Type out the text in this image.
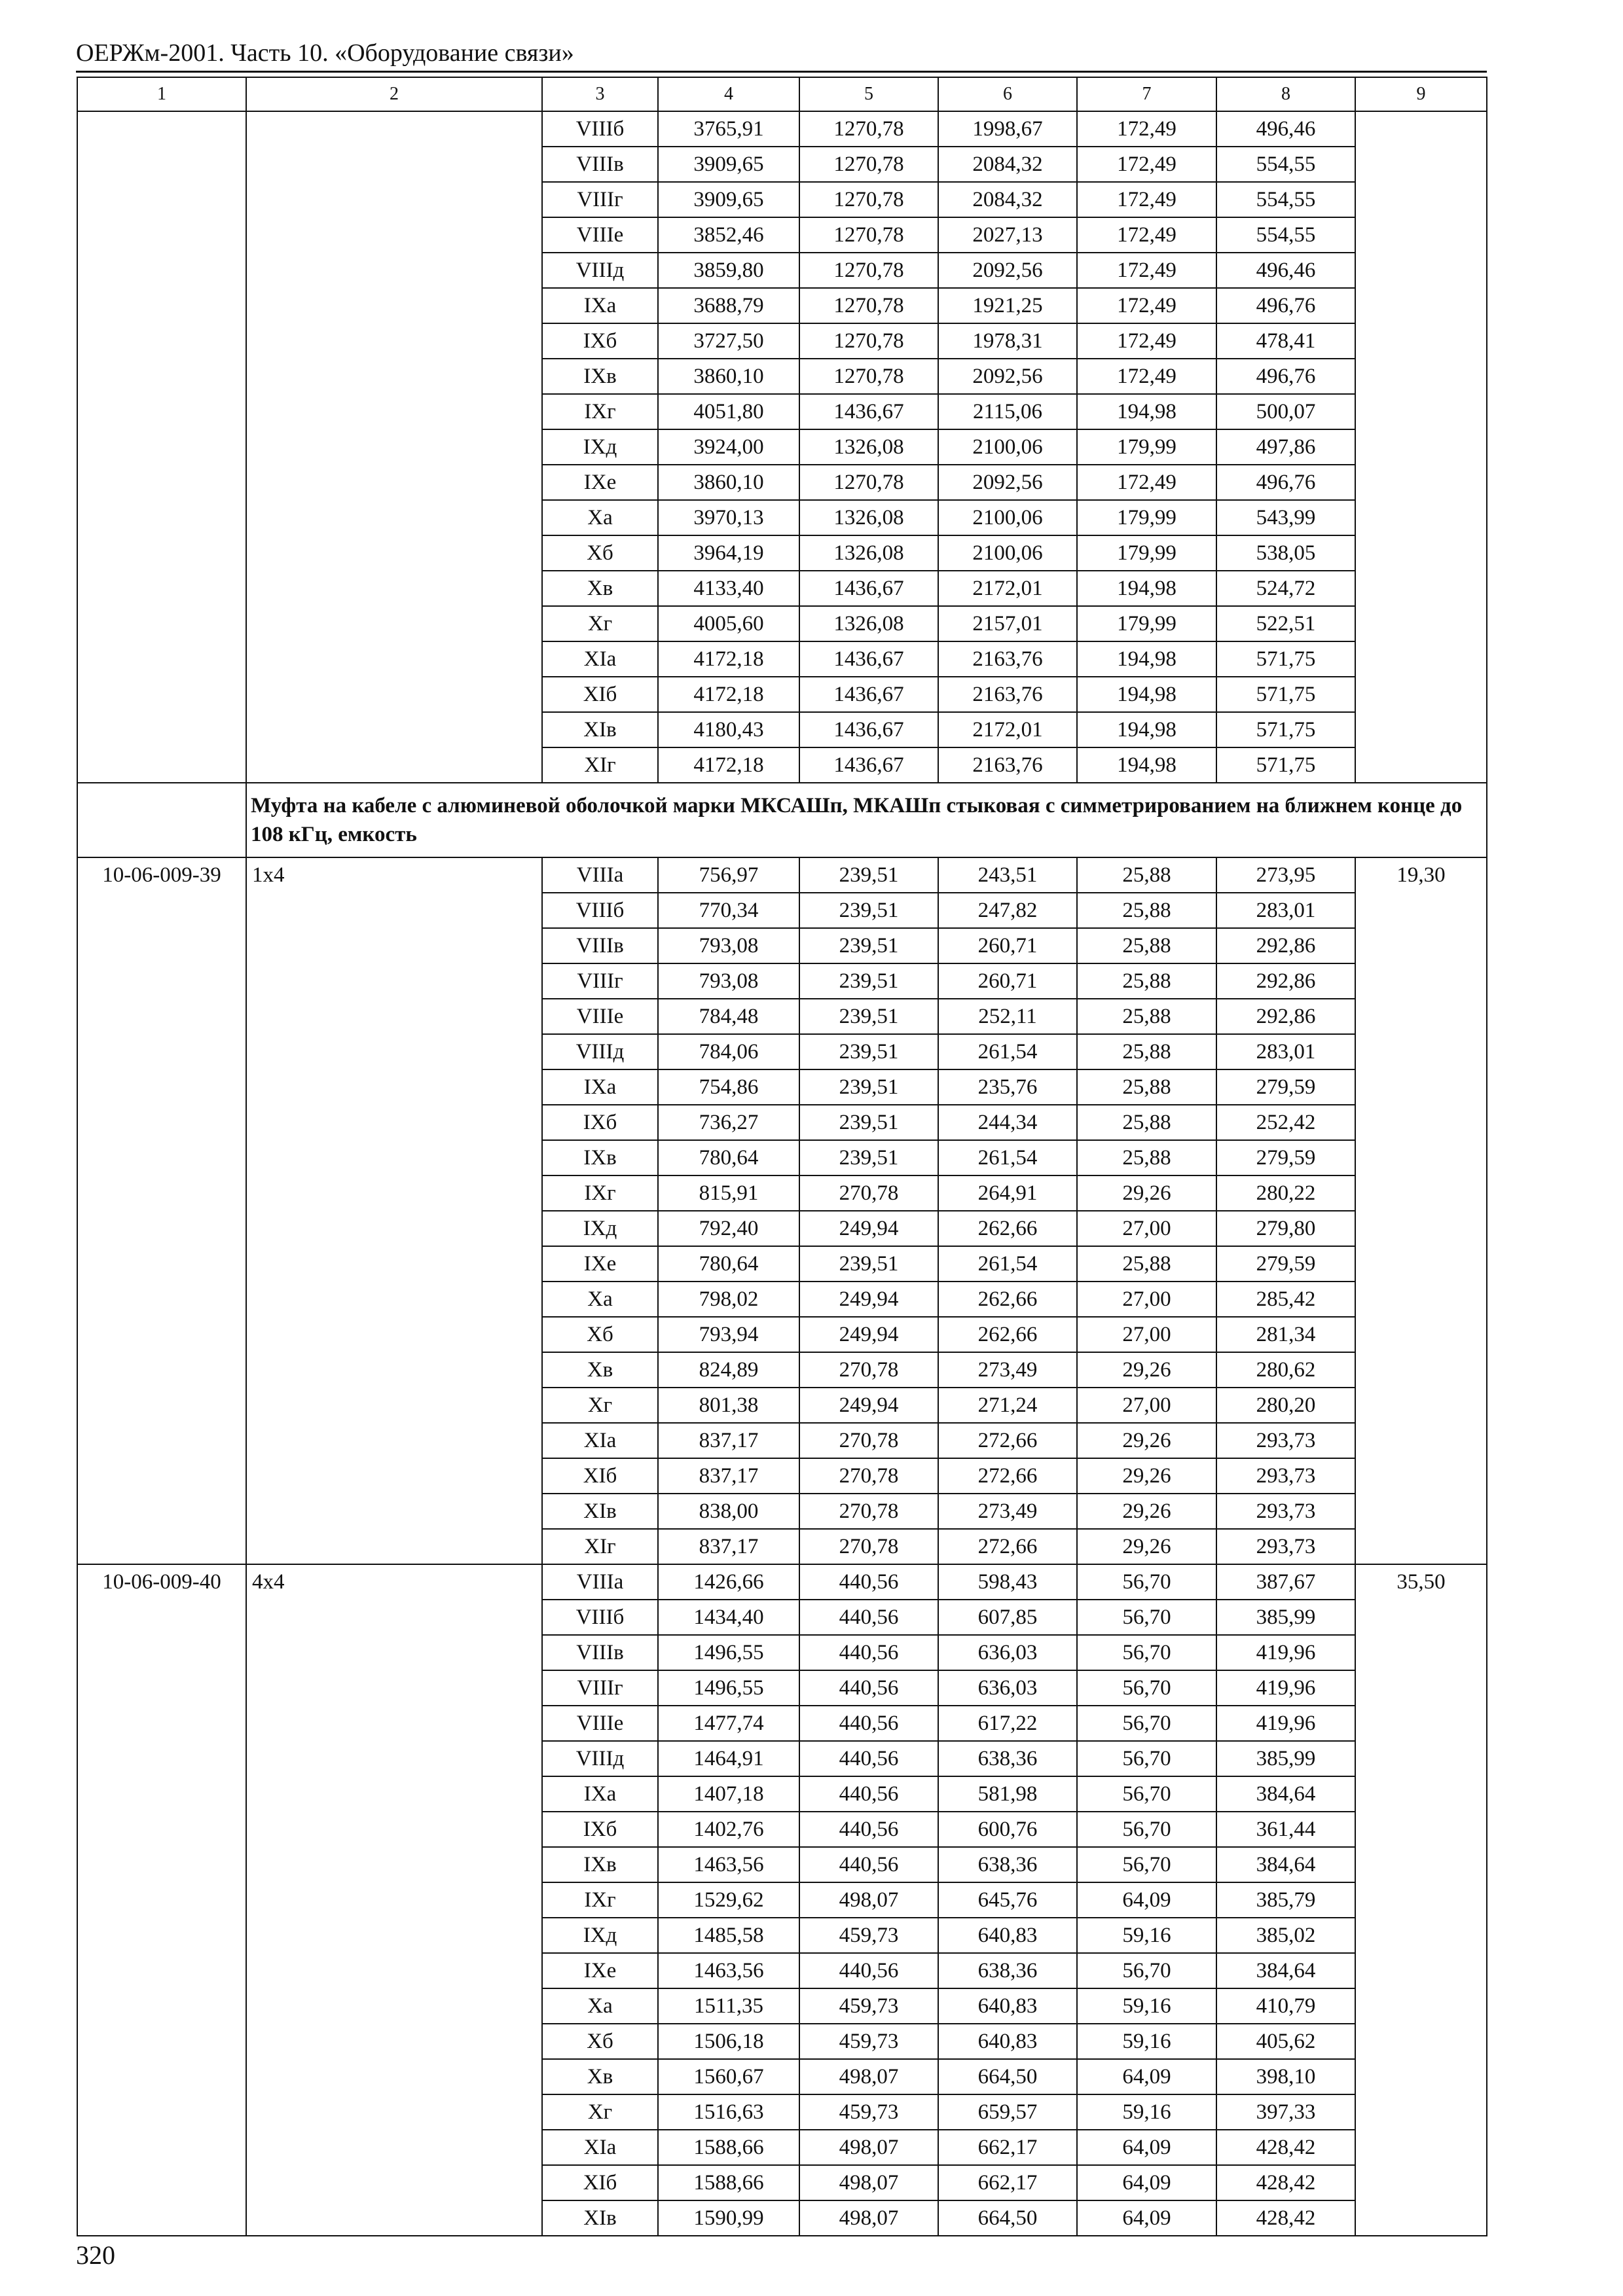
ОЕРЖм-2001. Часть 10. «Оборудование связи»
1	2	3	4	5	6	7	8	9
		VIIIб	3765,91	1270,78	1998,67	172,49	496,46	
		VIIIв	3909,65	1270,78	2084,32	172,49	554,55	
		VIIIг	3909,65	1270,78	2084,32	172,49	554,55	
		VIIIе	3852,46	1270,78	2027,13	172,49	554,55	
		VIIIд	3859,80	1270,78	2092,56	172,49	496,46	
		IXа	3688,79	1270,78	1921,25	172,49	496,76	
		IXб	3727,50	1270,78	1978,31	172,49	478,41	
		IXв	3860,10	1270,78	2092,56	172,49	496,76	
		IXг	4051,80	1436,67	2115,06	194,98	500,07	
		IXд	3924,00	1326,08	2100,06	179,99	497,86	
		IXе	3860,10	1270,78	2092,56	172,49	496,76	
		Xа	3970,13	1326,08	2100,06	179,99	543,99	
		Xб	3964,19	1326,08	2100,06	179,99	538,05	
		Xв	4133,40	1436,67	2172,01	194,98	524,72	
		Xг	4005,60	1326,08	2157,01	179,99	522,51	
		XIа	4172,18	1436,67	2163,76	194,98	571,75	
		XIб	4172,18	1436,67	2163,76	194,98	571,75	
		XIв	4180,43	1436,67	2172,01	194,98	571,75	
		XIг	4172,18	1436,67	2163,76	194,98	571,75	
	Муфта на кабеле с алюминевой оболочкой марки МКСАШп, МКАШп стыковая с симметрированием на ближнем конце до 108 кГц, емкость							
10-06-009-39	1x4	VIIIа	756,97	239,51	243,51	25,88	273,95	19,30
		VIIIб	770,34	239,51	247,82	25,88	283,01	
		VIIIв	793,08	239,51	260,71	25,88	292,86	
		VIIIг	793,08	239,51	260,71	25,88	292,86	
		VIIIе	784,48	239,51	252,11	25,88	292,86	
		VIIIд	784,06	239,51	261,54	25,88	283,01	
		IXа	754,86	239,51	235,76	25,88	279,59	
		IXб	736,27	239,51	244,34	25,88	252,42	
		IXв	780,64	239,51	261,54	25,88	279,59	
		IXг	815,91	270,78	264,91	29,26	280,22	
		IXд	792,40	249,94	262,66	27,00	279,80	
		IXе	780,64	239,51	261,54	25,88	279,59	
		Xа	798,02	249,94	262,66	27,00	285,42	
		Xб	793,94	249,94	262,66	27,00	281,34	
		Xв	824,89	270,78	273,49	29,26	280,62	
		Xг	801,38	249,94	271,24	27,00	280,20	
		XIа	837,17	270,78	272,66	29,26	293,73	
		XIб	837,17	270,78	272,66	29,26	293,73	
		XIв	838,00	270,78	273,49	29,26	293,73	
		XIг	837,17	270,78	272,66	29,26	293,73	
10-06-009-40	4x4	VIIIа	1426,66	440,56	598,43	56,70	387,67	35,50
		VIIIб	1434,40	440,56	607,85	56,70	385,99	
		VIIIв	1496,55	440,56	636,03	56,70	419,96	
		VIIIг	1496,55	440,56	636,03	56,70	419,96	
		VIIIе	1477,74	440,56	617,22	56,70	419,96	
		VIIIд	1464,91	440,56	638,36	56,70	385,99	
		IXа	1407,18	440,56	581,98	56,70	384,64	
		IXб	1402,76	440,56	600,76	56,70	361,44	
		IXв	1463,56	440,56	638,36	56,70	384,64	
		IXг	1529,62	498,07	645,76	64,09	385,79	
		IXд	1485,58	459,73	640,83	59,16	385,02	
		IXе	1463,56	440,56	638,36	56,70	384,64	
		Xа	1511,35	459,73	640,83	59,16	410,79	
		Xб	1506,18	459,73	640,83	59,16	405,62	
		Xв	1560,67	498,07	664,50	64,09	398,10	
		Xг	1516,63	459,73	659,57	59,16	397,33	
		XIа	1588,66	498,07	662,17	64,09	428,42	
		XIб	1588,66	498,07	662,17	64,09	428,42	
		XIв	1590,99	498,07	664,50	64,09	428,42	
320
